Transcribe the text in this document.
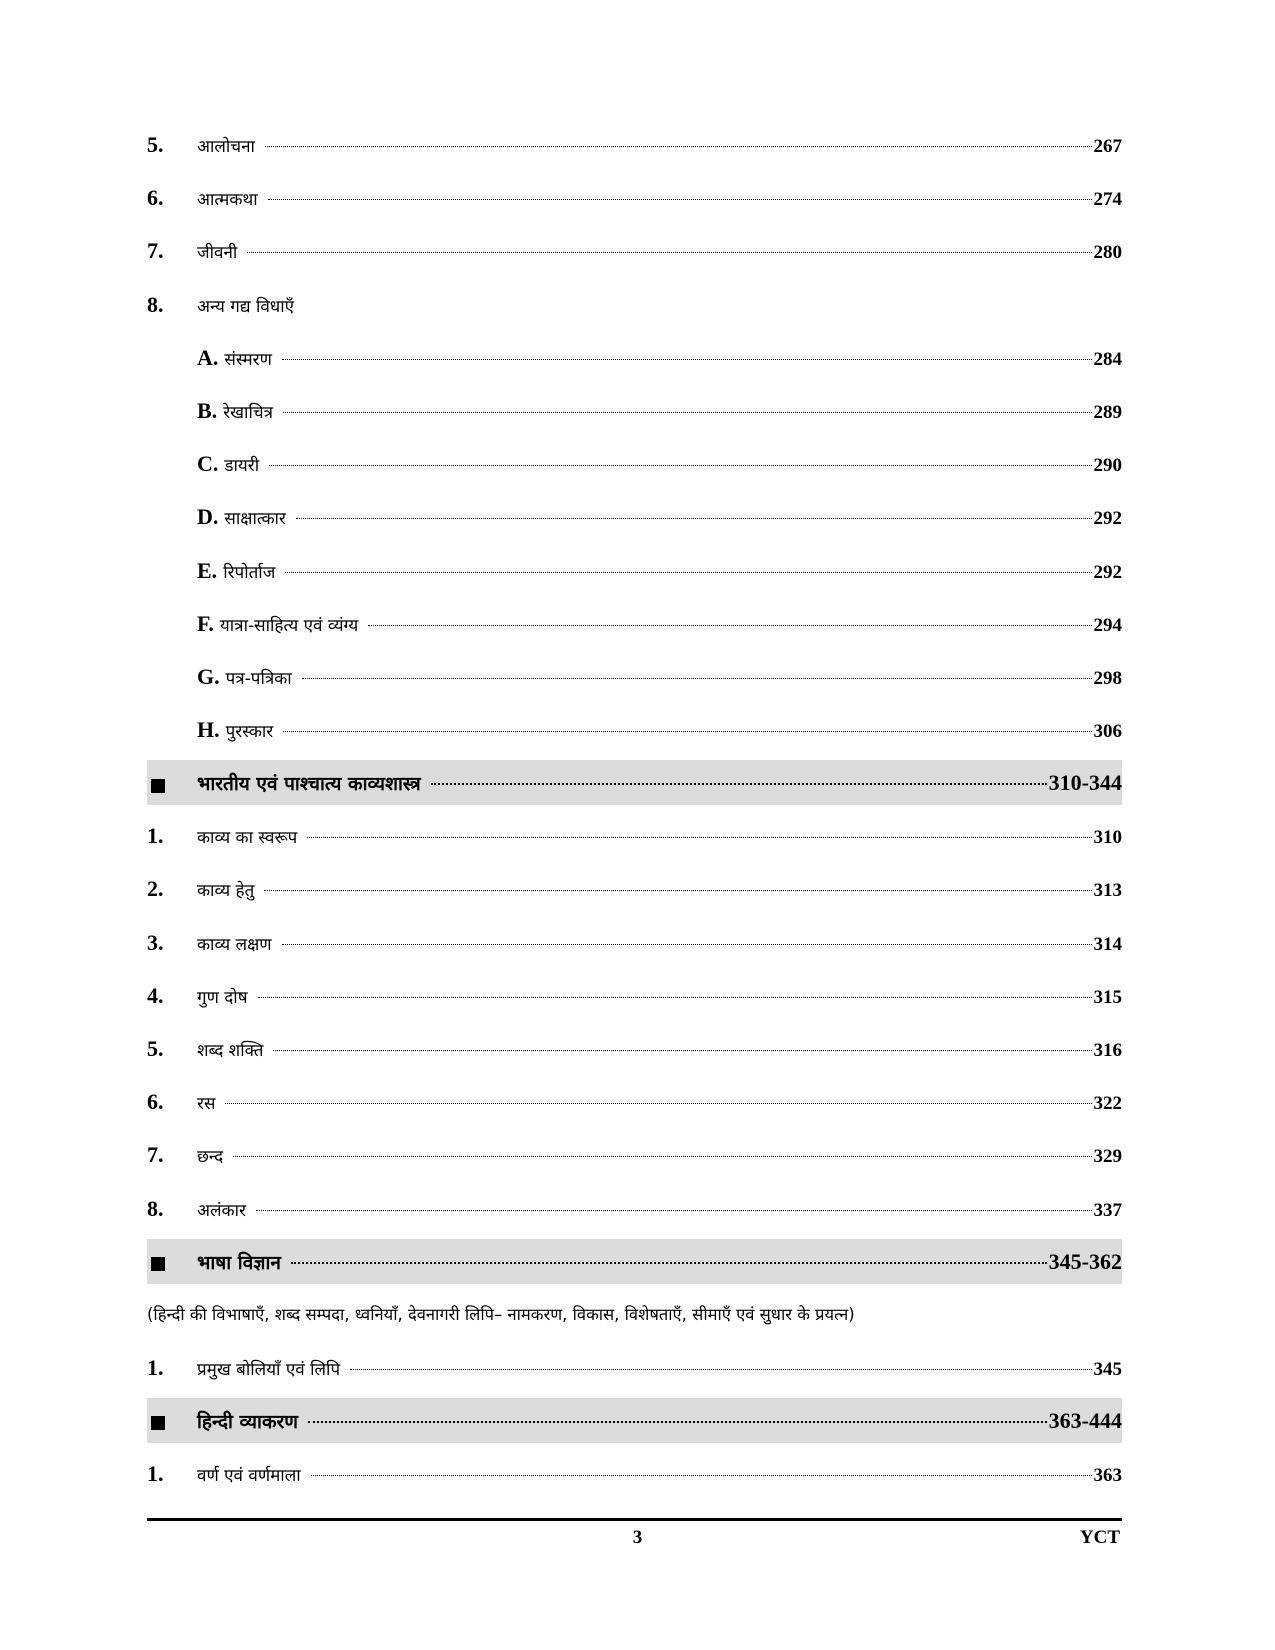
5.	आलोचना	267
6.	आत्मकथा	274
7.	जीवनी	280
8.	अन्य गद्य विधाएँ
A. संस्मरण	284
B. रेखाचित्र	289
C. डायरी	290
D. साक्षात्कार	292
E. रिपोर्ताज	292
F. यात्रा-साहित्य एवं व्यंग्य	294
G. पत्र-पत्रिका	298
H. पुरस्कार	306
भारतीय एवं पाश्चात्य काव्यशास्त्र	310-344
1.	काव्य का स्वरूप	310
2.	काव्य हेतु	313
3.	काव्य लक्षण	314
4.	गुण दोष	315
5.	शब्द शक्ति	316
6.	रस	322
7.	छन्द	329
8.	अलंकार	337
भाषा विज्ञान	345-362
(हिन्दी की विभाषाएँ, शब्द सम्पदा, ध्वनियाँ, देवनागरी लिपि– नामकरण, विकास, विशेषताएँ, सीमाएँ एवं सुधार के प्रयत्न)
1.	प्रमुख बोलियाँ एवं लिपि	345
हिन्दी व्याकरण	363-444
1.	वर्ण एवं वर्णमाला	363
3	YCT
